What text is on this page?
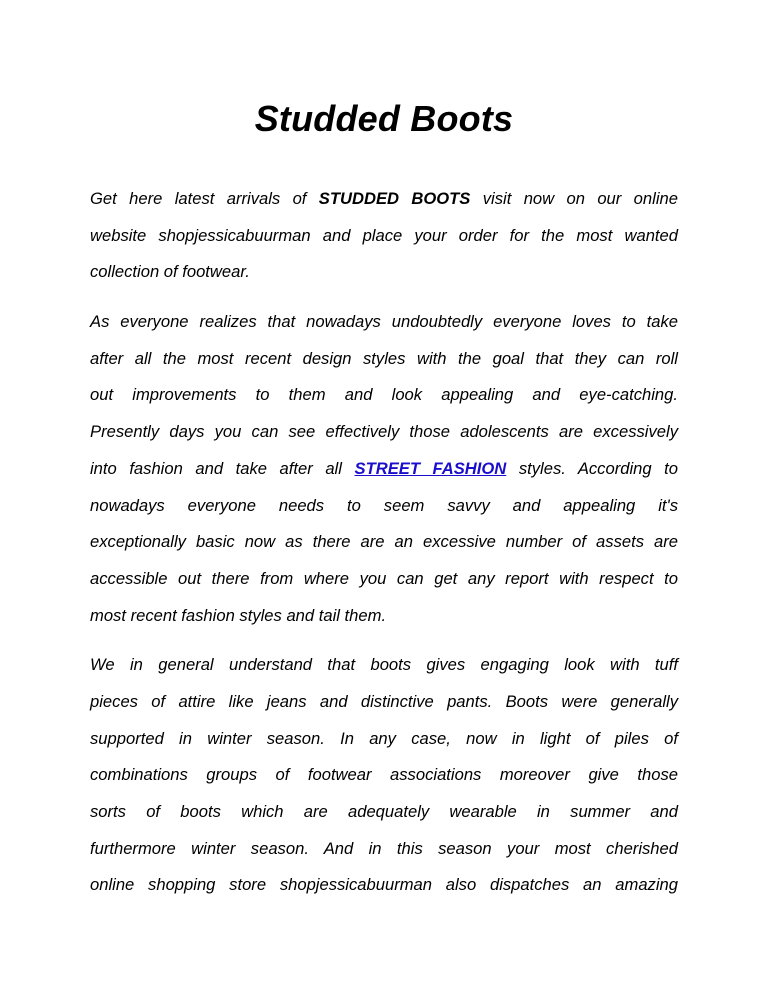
Studded Boots
Get here latest arrivals of STUDDED BOOTS visit now on our online
website shopjessicabuurman and place your order for the most wanted
collection of footwear.
As everyone realizes that nowadays undoubtedly everyone loves to take
after all the most recent design styles with the goal that they can roll
out improvements to them and look appealing and eye-catching.
Presently days you can see effectively those adolescents are excessively
into fashion and take after all STREET FASHION styles. According to
nowadays everyone needs to seem savvy and appealing it's
exceptionally basic now as there are an excessive number of assets are
accessible out there from where you can get any report with respect to
most recent fashion styles and tail them.
We in general understand that boots gives engaging look with tuff
pieces of attire like jeans and distinctive pants. Boots were generally
supported in winter season. In any case, now in light of piles of
combinations groups of footwear associations moreover give those
sorts of boots which are adequately wearable in summer and
furthermore winter season. And in this season your most cherished
online shopping store shopjessicabuurman also dispatches an amazing
